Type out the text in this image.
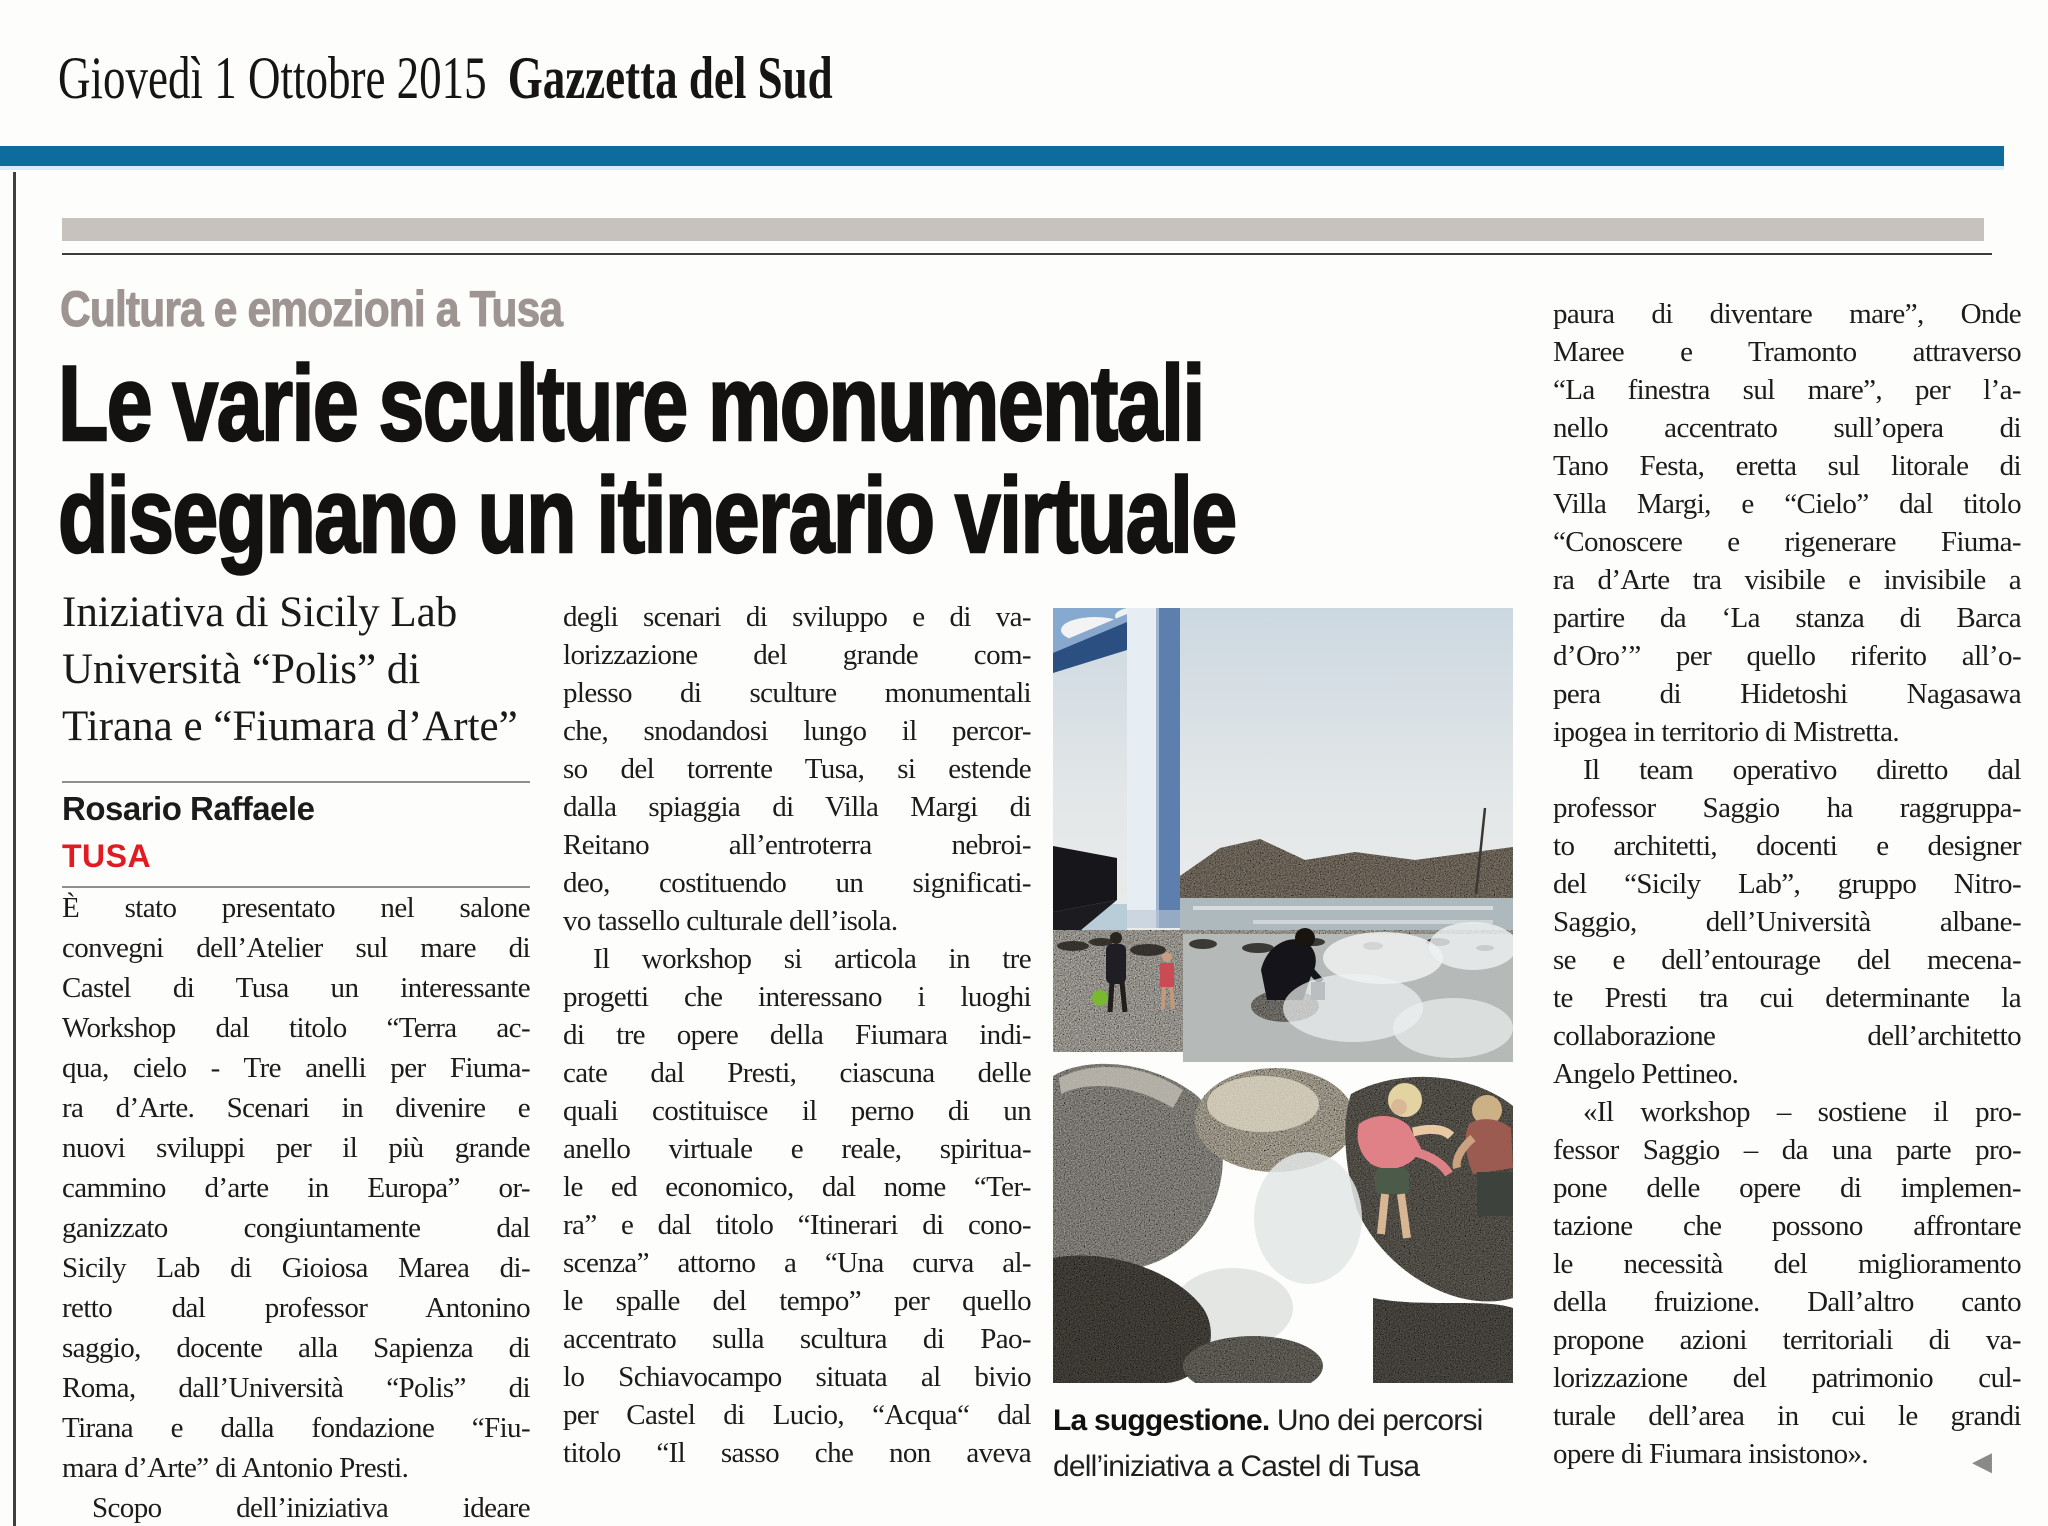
Giovedì 1 Ottobre 2015 Gazzetta del Sud
Cultura e emozioni a Tusa
Le varie sculture monumentali
disegnano un itinerario virtuale
Iniziativa di Sicily Lab
Università “Polis” di
Tirana e “Fiumara d’Arte”
Rosario Raffaele
TUSA
È stato presentato nel salone
convegni dell’Atelier sul mare di
Castel di Tusa un interessante
Workshop dal titolo “Terra ac-
qua, cielo - Tre anelli per Fiuma-
ra d’Arte. Scenari in divenire e
nuovi sviluppi per il più grande
cammino d’arte in Europa” or-
ganizzato congiuntamente dal
Sicily Lab di Gioiosa Marea di-
retto dal professor Antonino
saggio, docente alla Sapienza di
Roma, dall’Università “Polis” di
Tirana e dalla fondazione “Fiu-
mara d’Arte” di Antonio Presti.
Scopo dell’iniziativa ideare
degli scenari di sviluppo e di va-
lorizzazione del grande com-
plesso di sculture monumentali
che, snodandosi lungo il percor-
so del torrente Tusa, si estende
dalla spiaggia di Villa Margi di
Reitano all’entroterra nebroi-
deo, costituendo un significati-
vo tassello culturale dell’isola.
Il workshop si articola in tre
progetti che interessano i luoghi
di tre opere della Fiumara indi-
cate dal Presti, ciascuna delle
quali costituisce il perno di un
anello virtuale e reale, spiritua-
le ed economico, dal nome “Ter-
ra” e dal titolo “Itinerari di cono-
scenza” attorno a “Una curva al-
le spalle del tempo” per quello
accentrato sulla scultura di Pao-
lo Schiavocampo situata al bivio
per Castel di Lucio, “Acqua“ dal
titolo “Il sasso che non aveva
paura di diventare mare”, Onde
Maree e Tramonto attraverso
“La finestra sul mare”, per l’a-
nello accentrato sull’opera di
Tano Festa, eretta sul litorale di
Villa Margi, e “Cielo” dal titolo
“Conoscere e rigenerare Fiuma-
ra d’Arte tra visibile e invisibile a
partire da ‘La stanza di Barca
d’Oro’” per quello riferito all’o-
pera di Hidetoshi Nagasawa
ipogea in territorio di Mistretta.
Il team operativo diretto dal
professor Saggio ha raggruppa-
to architetti, docenti e designer
del “Sicily Lab”, gruppo Nitro-
Saggio, dell’Università albane-
se e dell’entourage del mecena-
te Presti tra cui determinante la
collaborazione dell’architetto
Angelo Pettineo.
«Il workshop – sostiene il pro-
fessor Saggio – da una parte pro-
pone delle opere di implemen-
tazione che possono affrontare
le necessità del miglioramento
della fruizione. Dall’altro canto
propone azioni territoriali di va-
lorizzazione del patrimonio cul-
turale dell’area in cui le grandi
opere di Fiumara insistono».	◀
La suggestione. Uno dei percorsi
dell’iniziativa a Castel di Tusa
